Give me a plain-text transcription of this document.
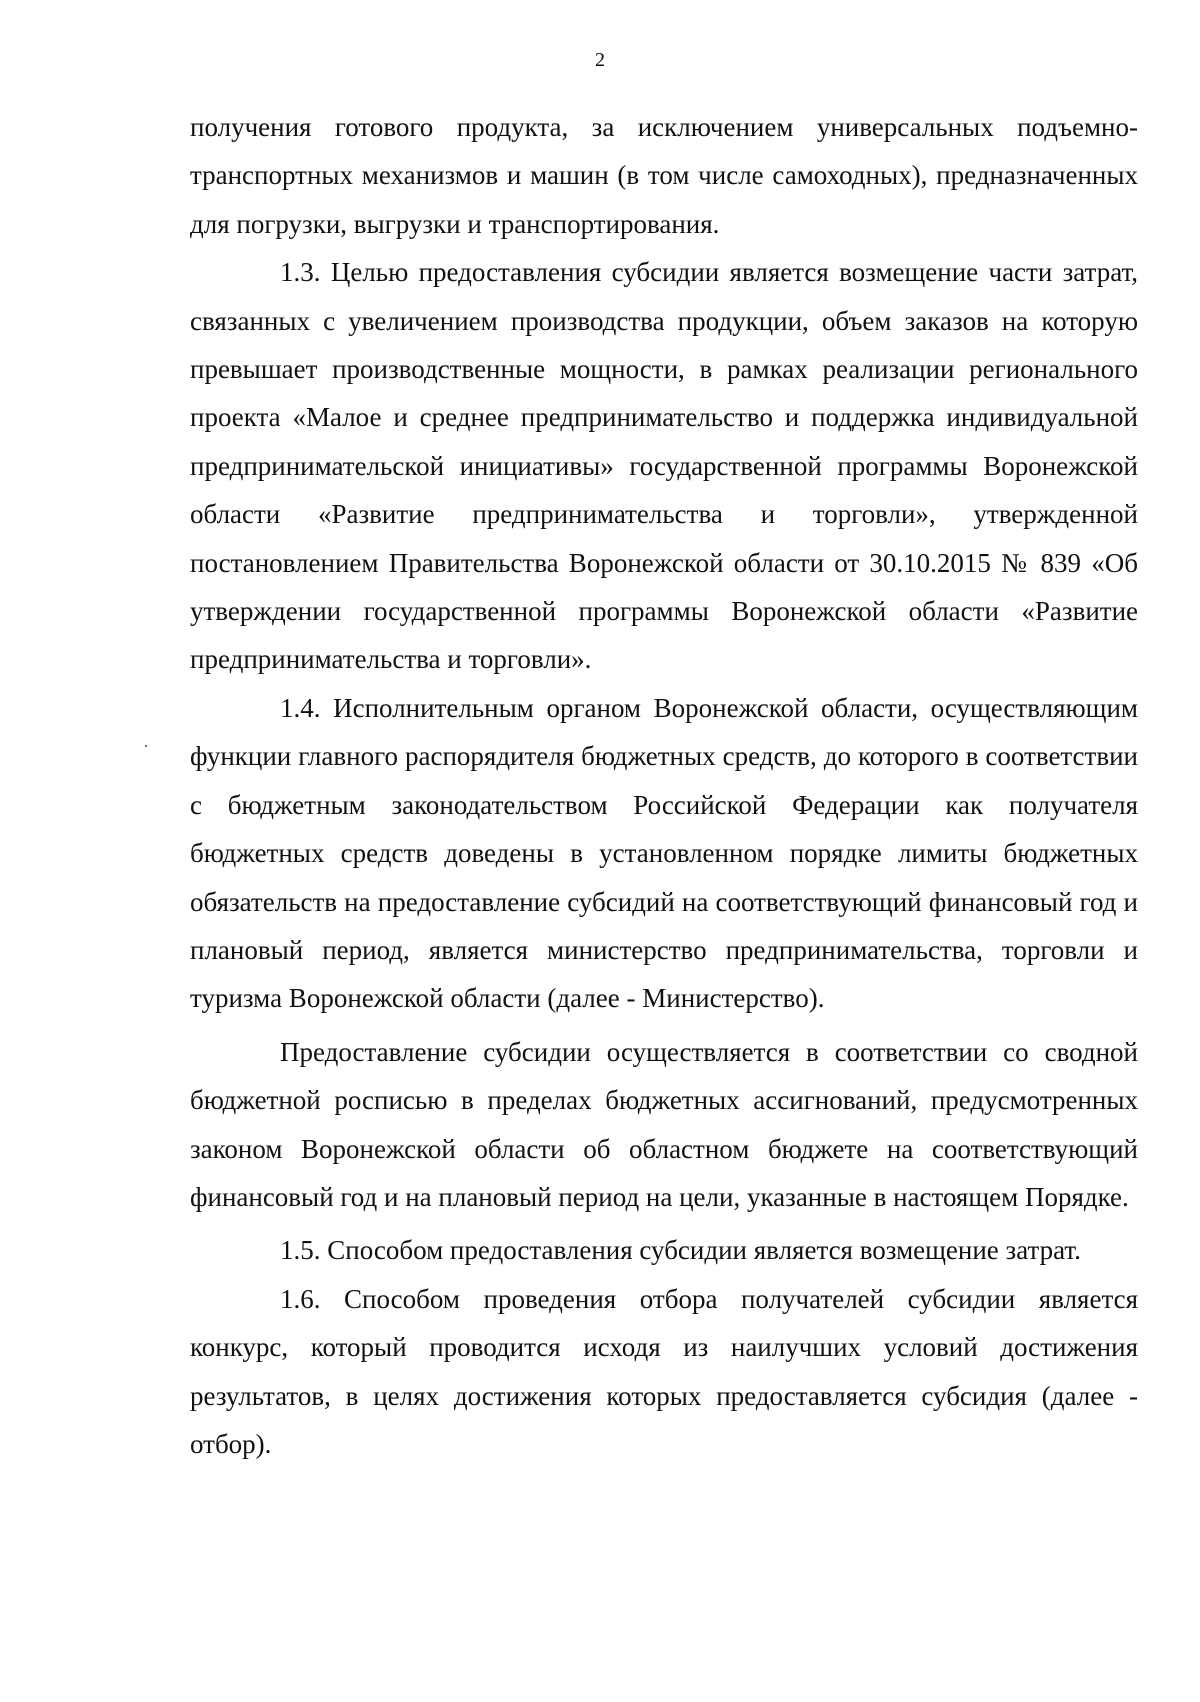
2

получения готового продукта, за исключением универсальных подъемно-транспортных механизмов и машин (в том числе самоходных), предназначенных для погрузки, выгрузки и транспортирования.

1.3. Целью предоставления субсидии является возмещение части затрат, связанных с увеличением производства продукции, объем заказов на которую превышает производственные мощности, в рамках реализации регионального проекта «Малое и среднее предпринимательство и поддержка индивидуальной предпринимательской инициативы» государственной программы Воронежской области «Развитие предпринимательства и торговли», утвержденной постановлением Правительства Воронежской области от 30.10.2015 № 839 «Об утверждении государственной программы Воронежской области «Развитие предпринимательства и торговли».

1.4. Исполнительным органом Воронежской области, осуществляющим функции главного распорядителя бюджетных средств, до которого в соответствии с бюджетным законодательством Российской Федерации как получателя бюджетных средств доведены в установленном порядке лимиты бюджетных обязательств на предоставление субсидий на соответствующий финансовый год и плановый период, является министерство предпринимательства, торговли и туризма Воронежской области (далее - Министерство).

Предоставление субсидии осуществляется в соответствии со сводной бюджетной росписью в пределах бюджетных ассигнований, предусмотренных законом Воронежской области об областном бюджете на соответствующий финансовый год и на плановый период на цели, указанные в настоящем Порядке.

1.5. Способом предоставления субсидии является возмещение затрат.

1.6. Способом проведения отбора получателей субсидии является конкурс, который проводится исходя из наилучших условий достижения результатов, в целях достижения которых предоставляется субсидия (далее - отбор).
